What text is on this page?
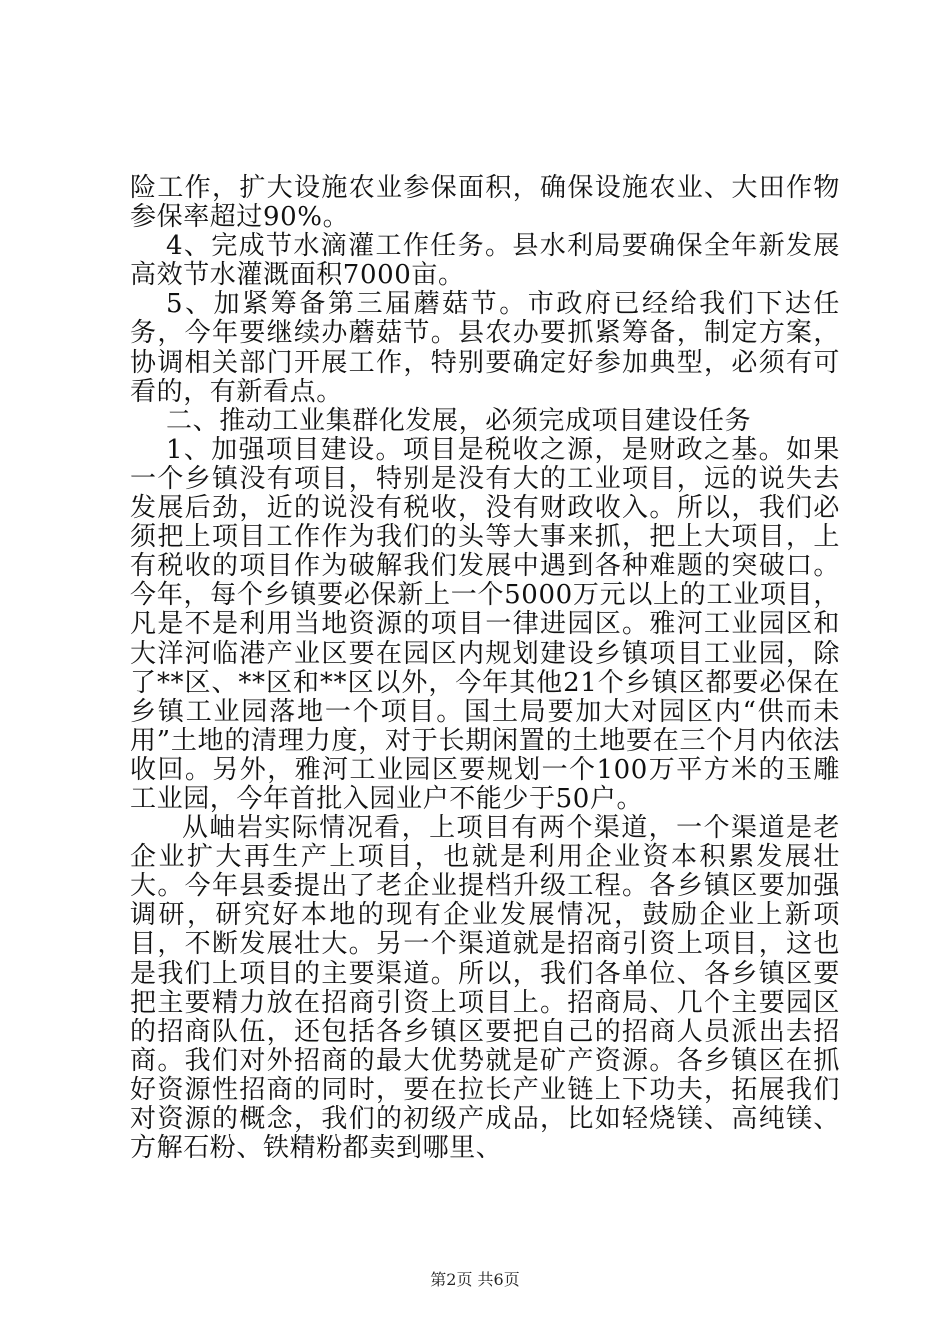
险工作，扩大设施农业参保面积，确保设施农业、大田作物参保率超过90%。

4、完成节水滴灌工作任务。县水利局要确保全年新发展高效节水灌溉面积7000亩。

5、加紧筹备第三届蘑菇节。市政府已经给我们下达任务，今年要继续办蘑菇节。县农办要抓紧筹备，制定方案，协调相关部门开展工作，特别要确定好参加典型，必须有可看的，有新看点。

二、推动工业集群化发展，必须完成项目建设任务

1、加强项目建设。项目是税收之源，是财政之基。如果一个乡镇没有项目，特别是没有大的工业项目，远的说失去发展后劲，近的说没有税收，没有财政收入。所以，我们必须把上项目工作作为我们的头等大事来抓，把上大项目，上有税收的项目作为破解我们发展中遇到各种难题的突破口。今年，每个乡镇要必保新上一个5000万元以上的工业项目，凡是不是利用当地资源的项目一律进园区。雅河工业园区和大洋河临港产业区要在园区内规划建设乡镇项目工业园，除了**区、**区和**区以外，今年其他21个乡镇区都要必保在乡镇工业园落地一个项目。国土局要加大对园区内“供而未用”土地的清理力度，对于长期闲置的土地要在三个月内依法收回。另外，雅河工业园区要规划一个100万平方米的玉雕工业园，今年首批入园业户不能少于50户。

从岫岩实际情况看，上项目有两个渠道，一个渠道是老企业扩大再生产上项目，也就是利用企业资本积累发展壮大。今年县委提出了老企业提档升级工程。各乡镇区要加强调研，研究好本地的现有企业发展情况，鼓励企业上新项目，不断发展壮大。另一个渠道就是招商引资上项目，这也是我们上项目的主要渠道。所以，我们各单位、各乡镇区要把主要精力放在招商引资上项目上。招商局、几个主要园区的招商队伍，还包括各乡镇区要把自己的招商人员派出去招商。我们对外招商的最大优势就是矿产资源。各乡镇区在抓好资源性招商的同时，要在拉长产业链上下功夫，拓展我们对资源的概念，我们的初级产成品，比如轻烧镁、高纯镁、方解石粉、铁精粉都卖到哪里、

第2页 共6页
